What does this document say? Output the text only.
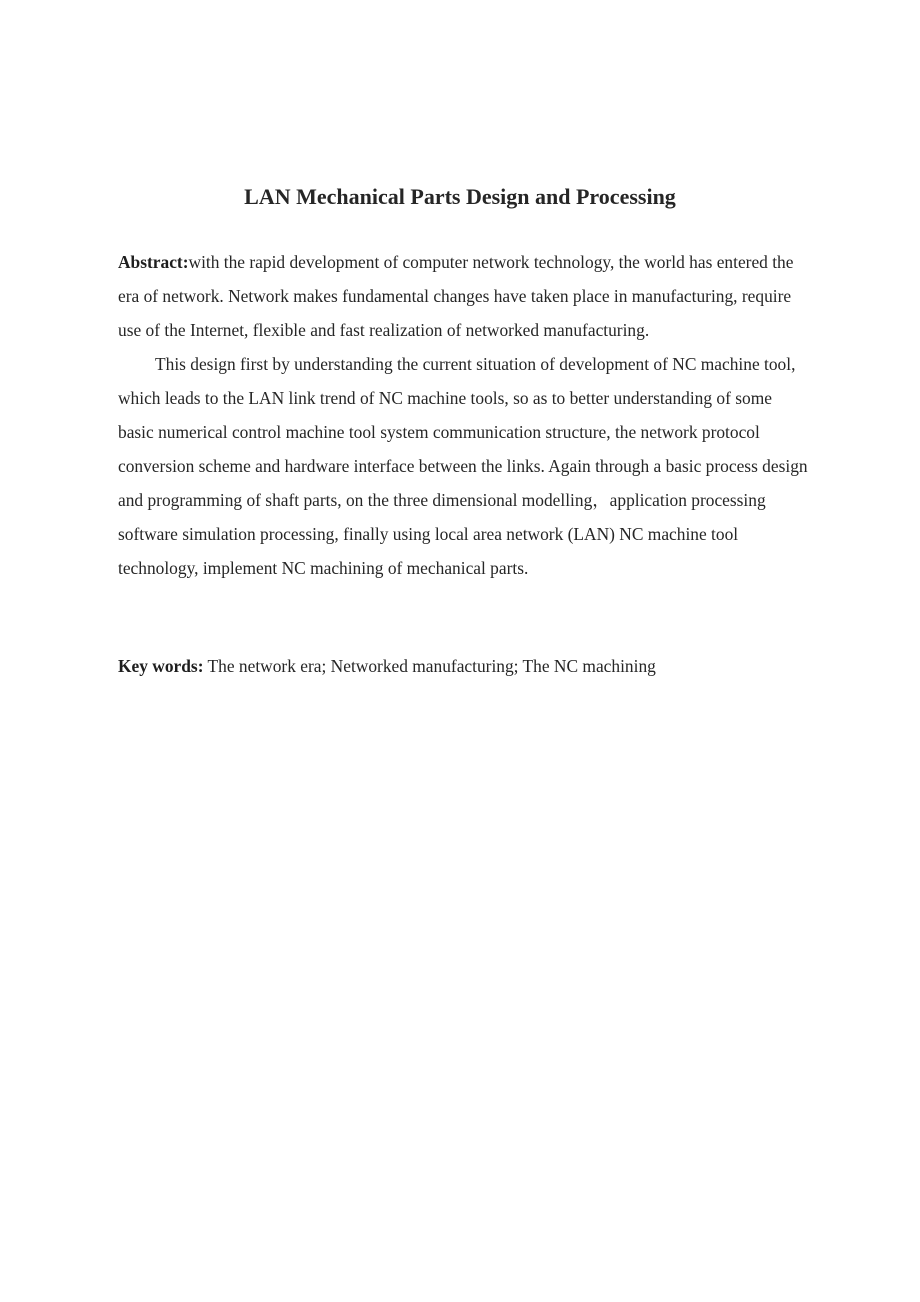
LAN Mechanical Parts Design and Processing

Abstract:with the rapid development of computer network technology, the world has entered the era of network. Network makes fundamental changes have taken place in manufacturing, require use of the Internet, flexible and fast realization of networked manufacturing.

This design first by understanding the current situation of development of NC machine tool, which leads to the LAN link trend of NC machine tools, so as to better understanding of some basic numerical control machine tool system communication structure, the network protocol conversion scheme and hardware interface between the links. Again through a basic process design and programming of shaft parts, on the three dimensional modelling，application processing software simulation processing, finally using local area network (LAN) NC machine tool technology, implement NC machining of mechanical parts.

Key words: The network era; Networked manufacturing; The NC machining
